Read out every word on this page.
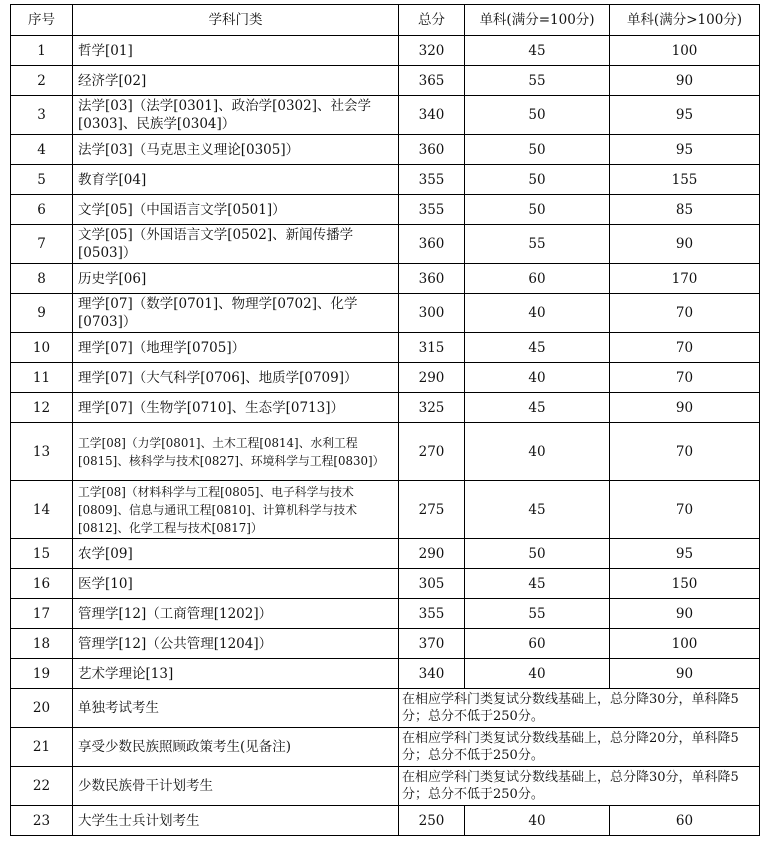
序号	学科门类	总分	单科(满分=100分)	单科(满分>100分)
1	哲学[01]	320	45	100
2	经济学[02]	365	55	90
3	法学[03]（法学[0301]、政治学[0302]、社会学[0303]、民族学[0304]）	340	50	95
4	法学[03]（马克思主义理论[0305]）	360	50	95
5	教育学[04]	355	50	155
6	文学[05]（中国语言文学[0501]）	355	50	85
7	文学[05]（外国语言文学[0502]、新闻传播学[0503]）	360	55	90
8	历史学[06]	360	60	170
9	理学[07]（数学[0701]、物理学[0702]、化学[0703]）	300	40	70
10	理学[07]（地理学[0705]）	315	45	70
11	理学[07]（大气科学[0706]、地质学[0709]）	290	40	70
12	理学[07]（生物学[0710]、生态学[0713]）	325	45	90
13	工学[08]（力学[0801]、土木工程[0814]、水利工程[0815]、核科学与技术[0827]、环境科学与工程[0830]）	270	40	70
14	工学[08]（材料科学与工程[0805]、电子科学与技术[0809]、信息与通讯工程[0810]、计算机科学与技术[0812]、化学工程与技术[0817]）	275	45	70
15	农学[09]	290	50	95
16	医学[10]	305	45	150
17	管理学[12]（工商管理[1202]）	355	55	90
18	管理学[12]（公共管理[1204]）	370	60	100
19	艺术学理论[13]	340	40	90
20	单独考试考生	在相应学科门类复试分数线基础上，总分降30分，单科降5分；总分不低于250分。		
21	享受少数民族照顾政策考生(见备注)	在相应学科门类复试分数线基础上，总分降20分，单科降5分；总分不低于250分。		
22	少数民族骨干计划考生	在相应学科门类复试分数线基础上，总分降30分，单科降5分；总分不低于250分。		
23	大学生士兵计划考生	250	40	60
